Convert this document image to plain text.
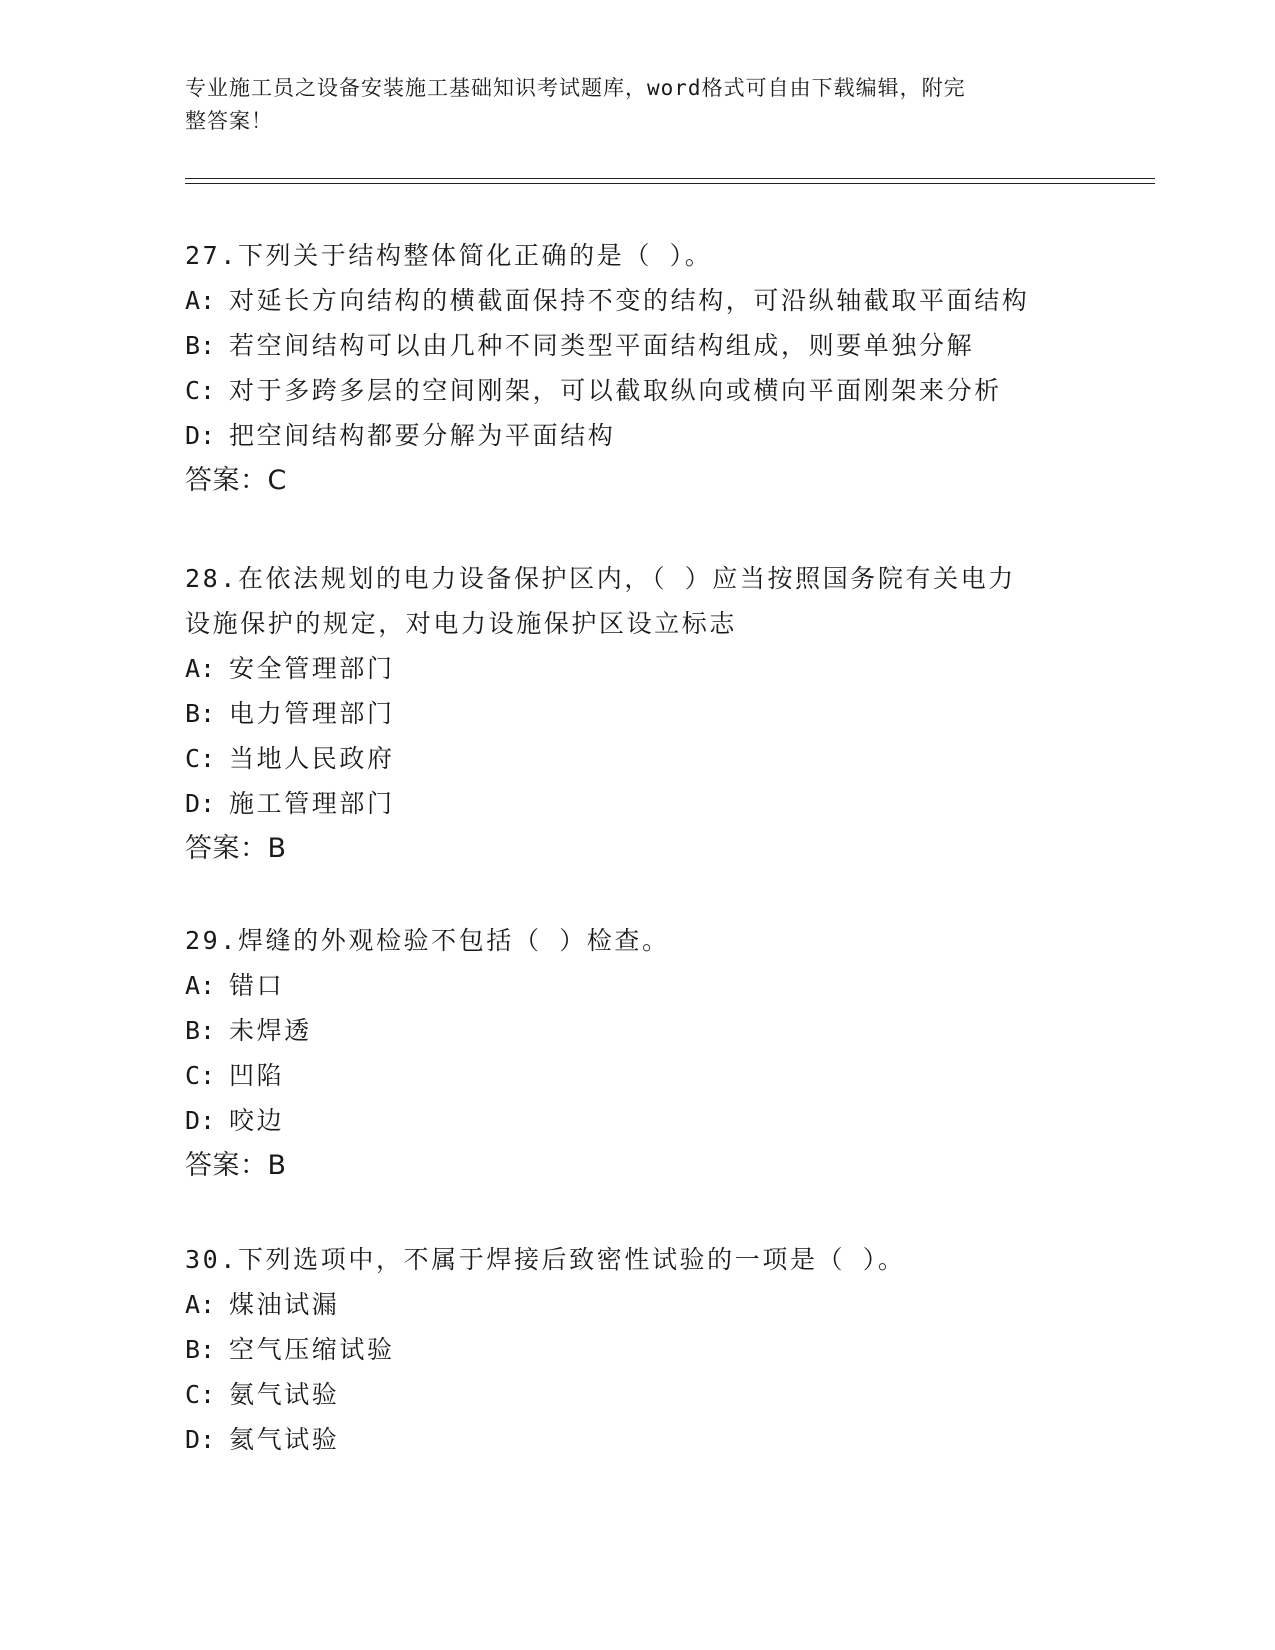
专业施工员之设备安装施工基础知识考试题库，word格式可自由下载编辑，附完
整答案！
27.下列关于结构整体简化正确的是（ ）。
A: 对延长方向结构的横截面保持不变的结构，可沿纵轴截取平面结构
B: 若空间结构可以由几种不同类型平面结构组成，则要单独分解
C: 对于多跨多层的空间刚架，可以截取纵向或横向平面刚架来分析
D: 把空间结构都要分解为平面结构
答案：C
28.在依法规划的电力设备保护区内，（ ）应当按照国务院有关电力
设施保护的规定，对电力设施保护区设立标志
A: 安全管理部门
B: 电力管理部门
C: 当地人民政府
D: 施工管理部门
答案：B
29.焊缝的外观检验不包括（ ）检查。
A: 错口
B: 未焊透
C: 凹陷
D: 咬边
答案：B
30.下列选项中，不属于焊接后致密性试验的一项是（ ）。
A: 煤油试漏
B: 空气压缩试验
C: 氨气试验
D: 氦气试验
